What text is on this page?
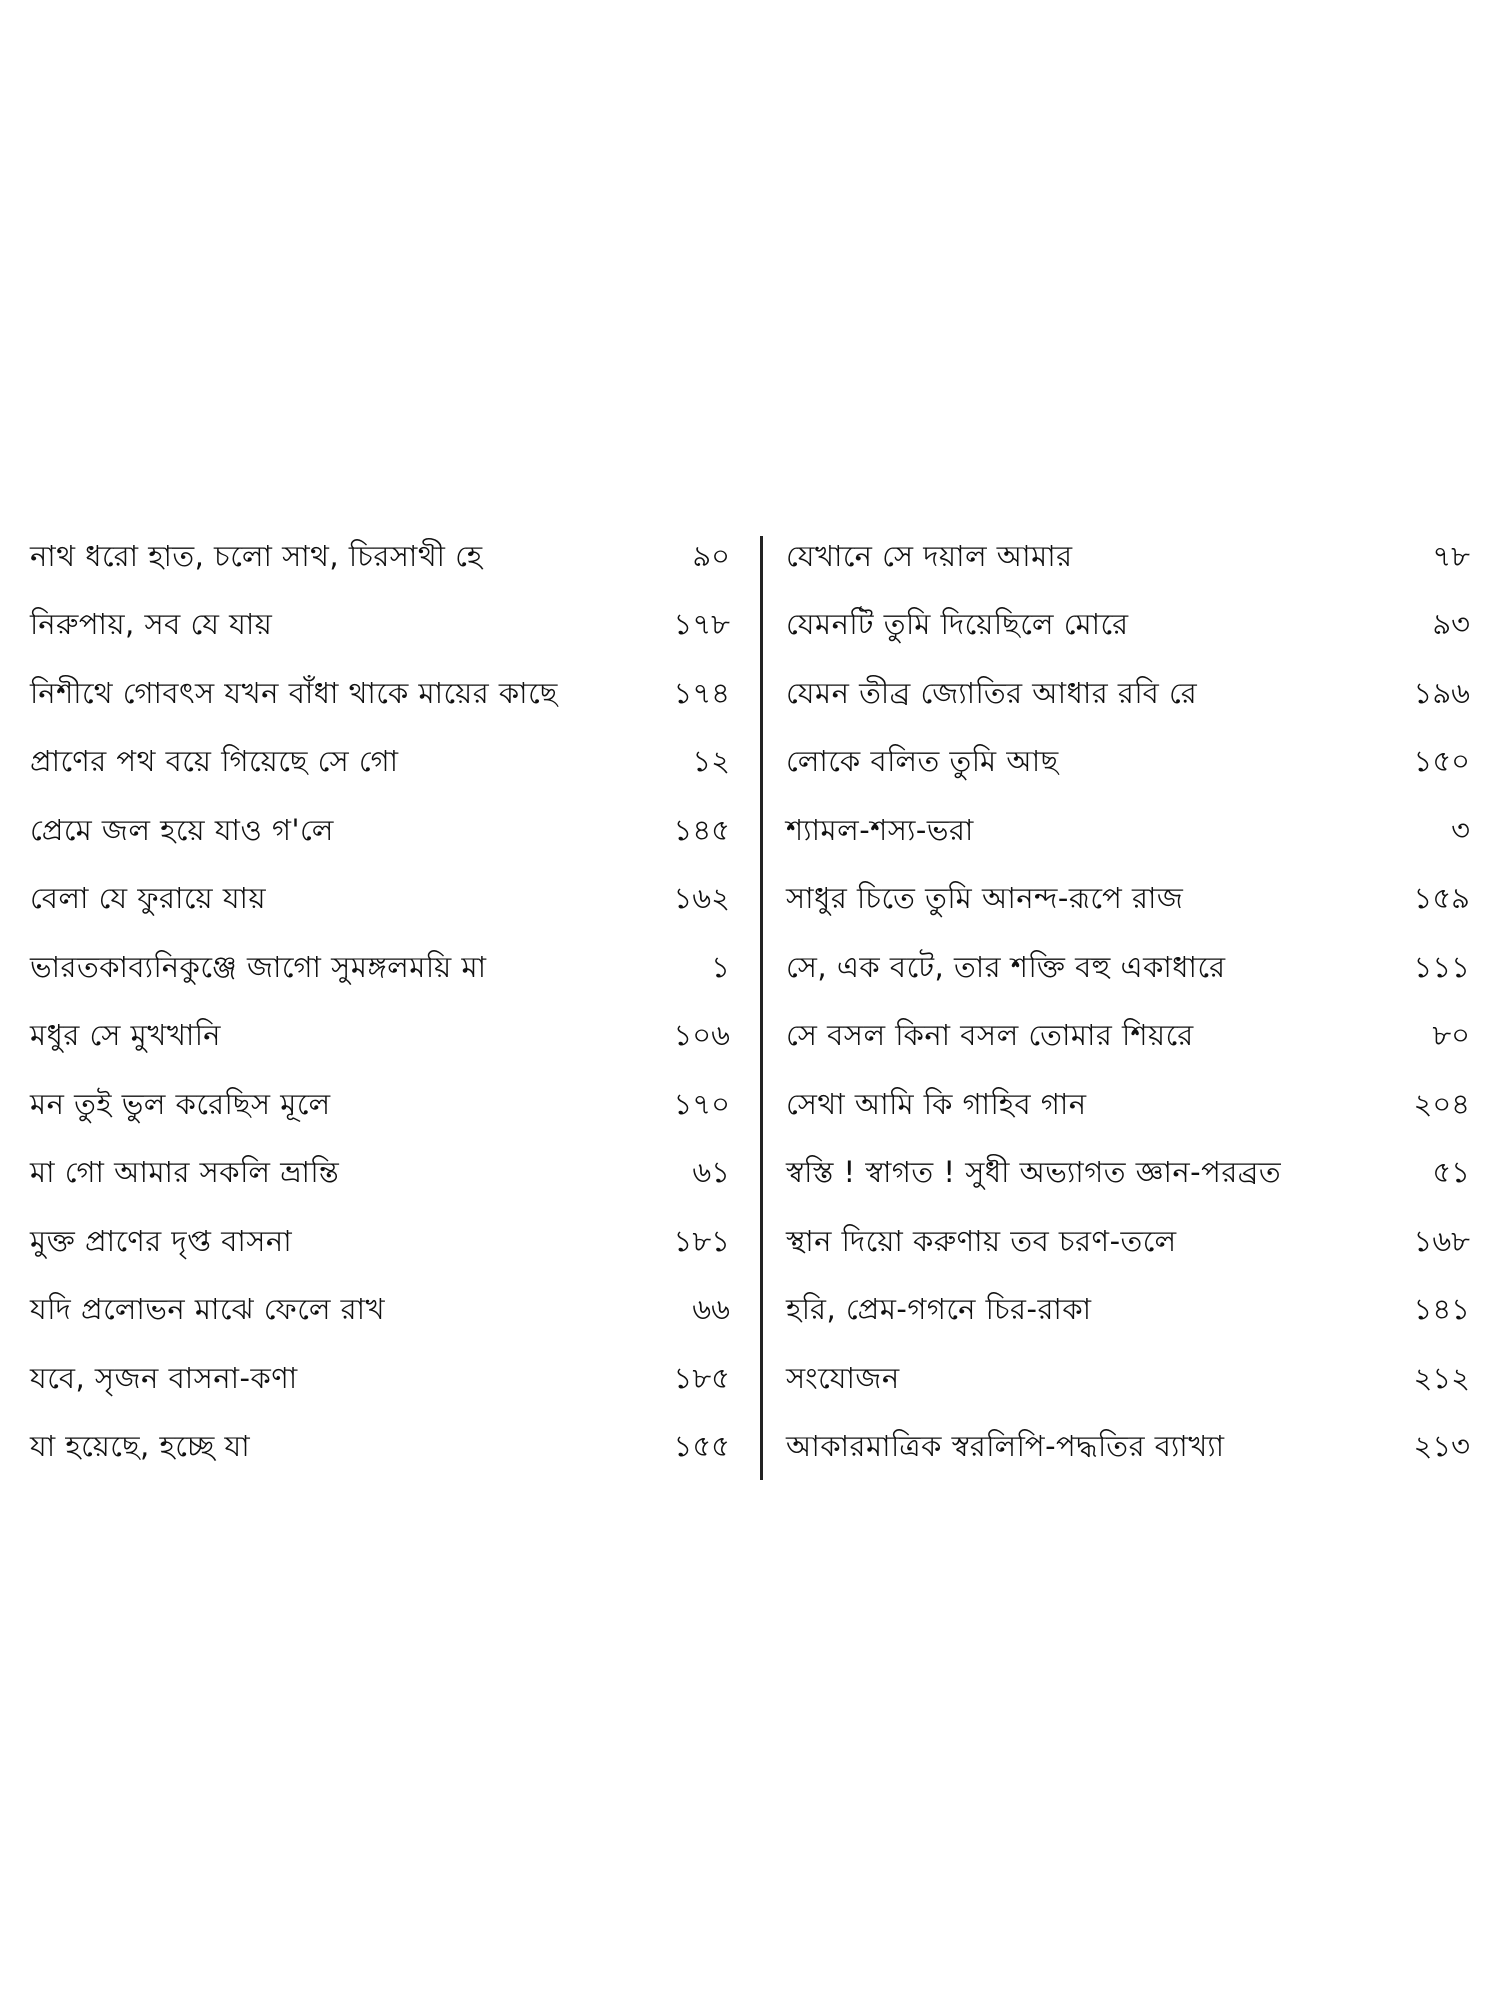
নাথ ধরো হাত, চলো সাথ, চিরসাথী হে	৯০
নিরুপায়, সব যে যায়	১৭৮
নিশীথে গোবৎস যখন বাঁধা থাকে মায়ের কাছে	১৭৪
প্রাণের পথ বয়ে গিয়েছে সে গো	১২
প্রেমে জল হয়ে যাও গ'লে	১৪৫
বেলা যে ফুরায়ে যায়	১৬২
ভারতকাব্যনিকুঞ্জে জাগো সুমঙ্গলময়ি মা	১
মধুর সে মুখখানি	১০৬
মন তুই ভুল করেছিস মূলে	১৭০
মা গো আমার সকলি ভ্রান্তি	৬১
মুক্ত প্রাণের দৃপ্ত বাসনা	১৮১
যদি প্রলোভন মাঝে ফেলে রাখ	৬৬
যবে, সৃজন বাসনা-কণা	১৮৫
যা হয়েছে, হচ্ছে যা	১৫৫
যেখানে সে দয়াল আমার	৭৮
যেমনটি তুমি দিয়েছিলে মোরে	৯৩
যেমন তীব্র জ্যোতির আধার রবি রে	১৯৬
লোকে বলিত তুমি আছ	১৫০
শ্যামল-শস্য-ভরা	৩
সাধুর চিতে তুমি আনন্দ-রূপে রাজ	১৫৯
সে, এক বটে, তার শক্তি বহু একাধারে	১১১
সে বসল কিনা বসল তোমার শিয়রে	৮০
সেথা আমি কি গাহিব গান	২০৪
স্বস্তি ! স্বাগত ! সুধী অভ্যাগত জ্ঞান-পরব্রত	৫১
স্থান দিয়ো করুণায় তব চরণ-তলে	১৬৮
হরি, প্রেম-গগনে চির-রাকা	১৪১
সংযোজন	২১২
আকারমাত্রিক স্বরলিপি-পদ্ধতির ব্যাখ্যা	২১৩
